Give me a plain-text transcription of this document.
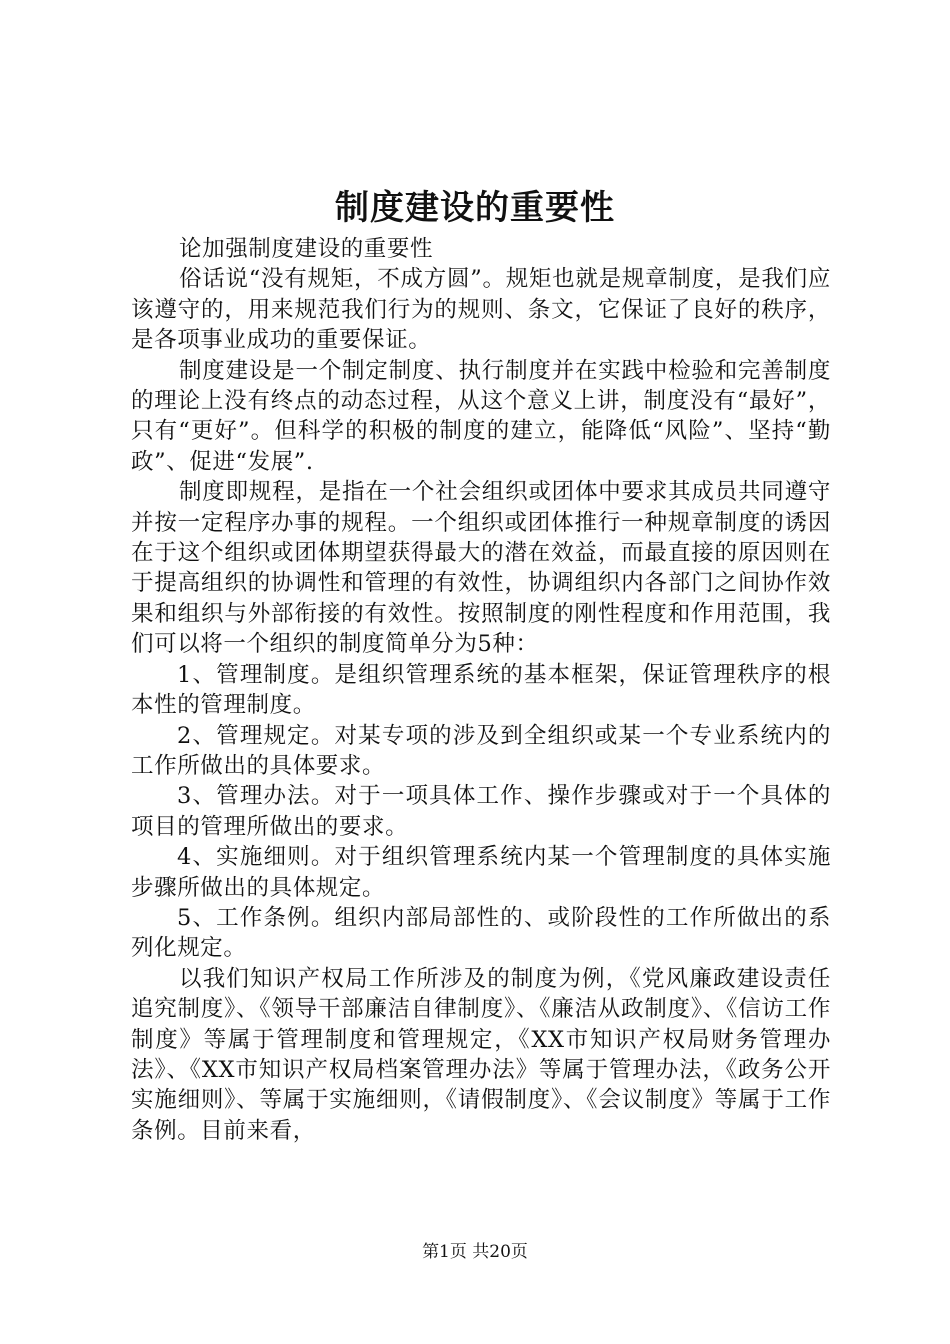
制度建设的重要性

论加强制度建设的重要性

俗话说“没有规矩，不成方圆”。规矩也就是规章制度，是我们应该遵守的，用来规范我们行为的规则、条文，它保证了良好的秩序，是各项事业成功的重要保证。

制度建设是一个制定制度、执行制度并在实践中检验和完善制度的理论上没有终点的动态过程，从这个意义上讲，制度没有“最好”，只有“更好”。但科学的积极的制度的建立，能降低“风险”、坚持“勤政”、促进“发展”.

制度即规程，是指在一个社会组织或团体中要求其成员共同遵守并按一定程序办事的规程。一个组织或团体推行一种规章制度的诱因在于这个组织或团体期望获得最大的潜在效益，而最直接的原因则在于提高组织的协调性和管理的有效性，协调组织内各部门之间协作效果和组织与外部衔接的有效性。按照制度的刚性程度和作用范围，我们可以将一个组织的制度简单分为5种：

1、管理制度。是组织管理系统的基本框架，保证管理秩序的根本性的管理制度。

2、管理规定。对某专项的涉及到全组织或某一个专业系统内的工作所做出的具体要求。

3、管理办法。对于一项具体工作、操作步骤或对于一个具体的项目的管理所做出的要求。

4、实施细则。对于组织管理系统内某一个管理制度的具体实施步骤所做出的具体规定。

5、工作条例。组织内部局部性的、或阶段性的工作所做出的系列化规定。

以我们知识产权局工作所涉及的制度为例，《党风廉政建设责任追究制度》、《领导干部廉洁自律制度》、《廉洁从政制度》、《信访工作制度》等属于管理制度和管理规定，《XX市知识产权局财务管理办法》、《XX市知识产权局档案管理办法》等属于管理办法，《政务公开实施细则》、等属于实施细则，《请假制度》、《会议制度》等属于工作条例。目前来看，

第1页 共20页
